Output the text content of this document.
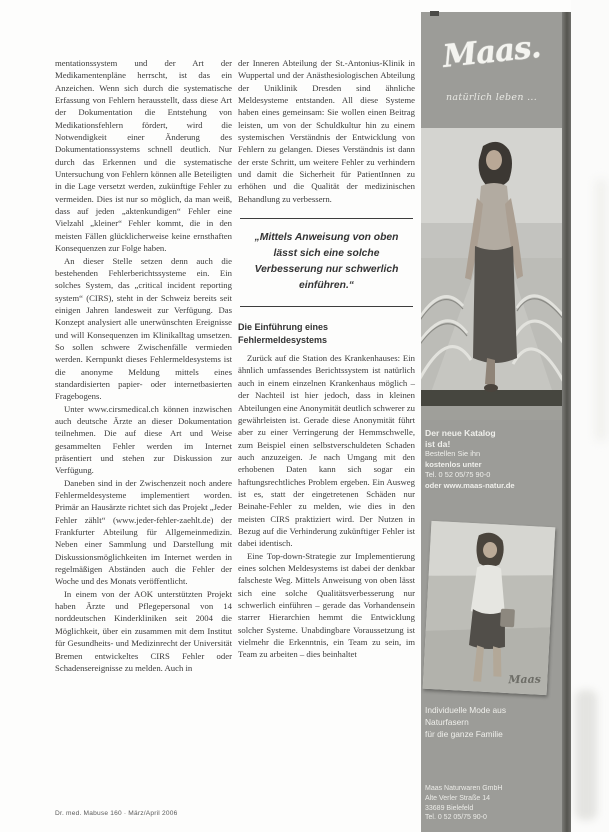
mentationssystem und der Art der Medikamentenpläne herrscht, ist das ein Anzeichen. Wenn sich durch die systematische Erfassung von Fehlern herausstellt, dass diese Art der Dokumentation die Entstehung von Medikationsfehlern fördert, wird die Notwendigkeit einer Änderung des Dokumentationssystems schnell deutlich. Nur durch das Erkennen und die systematische Untersuchung von Fehlern können alle Beteiligten in die Lage versetzt werden, zukünftige Fehler zu vermeiden. Dies ist nur so möglich, da man weiß, dass auf jeden „aktenkundigen“ Fehler eine Vielzahl „kleiner“ Fehler kommt, die in den meisten Fällen glücklicherweise keine ernsthaften Konsequenzen zur Folge haben.

An dieser Stelle setzen denn auch die bestehenden Fehlerberichtssysteme ein. Ein solches System, das „critical incident reporting system“ (CIRS), steht in der Schweiz bereits seit einigen Jahren landesweit zur Verfügung. Das Konzept analysiert alle unerwünschten Ereignisse und will Konsequenzen im Klinikalltag umsetzen. So sollen schwere Zwischenfälle vermieden werden. Kernpunkt dieses Fehlermeldesystems ist die anonyme Meldung mittels eines standardisierten papier- oder internetbasierten Fragebogens.

Unter www.cirsmedical.ch können inzwischen auch deutsche Ärzte an dieser Dokumentation teilnehmen. Die auf diese Art und Weise gesammelten Fehler werden im Internet präsentiert und stehen zur Diskussion zur Verfügung.

Daneben sind in der Zwischenzeit noch andere Fehlermeldesysteme implementiert worden. Primär an Hausärzte richtet sich das Projekt „Jeder Fehler zählt“ (www.jeder-fehler-zaehlt.de) der Frankfurter Abteilung für Allgemeinmedizin. Neben einer Sammlung und Darstellung mit Diskussionsmöglichkeiten im Internet werden in regelmäßigen Abständen auch die Fehler der Woche und des Monats veröffentlicht.

In einem von der AOK unterstützten Projekt haben Ärzte und Pflegepersonal von 14 norddeutschen Kinderkliniken seit 2004 die Möglichkeit, über ein zusammen mit dem Institut für Gesundheits- und Medizinrecht der Universität Bremen entwickeltes CIRS Fehler oder Schadensereignisse zu melden. Auch in

der Inneren Abteilung der St.-Antonius-Klinik in Wuppertal und der Anästhesiologischen Abteilung der Uniklinik Dresden sind ähnliche Meldesysteme entstanden. All diese Systeme haben eines gemeinsam: Sie wollen einen Beitrag leisten, um von der Schuldkultur hin zu einem systemischen Verständnis der Entwicklung von Fehlern zu gelangen. Dieses Verständnis ist dann der erste Schritt, um weitere Fehler zu verhindern und damit die Sicherheit für PatientInnen zu erhöhen und die Qualität der medizinischen Behandlung zu verbessern.

„Mittels Anweisung von oben lässt sich eine solche Verbesserung nur schwerlich einführen.“

Die Einführung eines
Fehlermeldesystems

Zurück auf die Station des Krankenhauses: Ein ähnlich umfassendes Berichtssystem ist natürlich auch in einem einzelnen Krankenhaus möglich – der Nachteil ist hier jedoch, dass in kleinen Abteilungen eine Anonymität deutlich schwerer zu gewährleisten ist. Gerade diese Anonymität führt aber zu einer Verringerung der Hemmschwelle, zum Beispiel einen selbstverschuldeten Schaden auch anzuzeigen. Je nach Umgang mit den erhobenen Daten kann sich sogar ein haftungsrechtliches Problem ergeben. Ein Ausweg ist es, statt der eingetretenen Schäden nur Beinahe-Fehler zu melden, wie dies in den meisten CIRS praktiziert wird. Der Nutzen in Bezug auf die Verhinderung zukünftiger Fehler ist dabei identisch.

Eine Top-down-Strategie zur Implementierung eines solchen Meldesystems ist dabei der denkbar falscheste Weg. Mittels Anweisung von oben lässt sich eine solche Qualitätsverbesserung nur schwerlich einführen – gerade das Vorhandensein starrer Hierarchien hemmt die Entwicklung solcher Systeme. Unabdingbare Voraussetzung ist vielmehr die Erkenntnis, ein Team zu sein, im Team zu arbeiten – dies beinhaltet

Dr. med. Mabuse 160 · März/April 2006
Maas.
natürlich leben ...
Der neue Katalog
ist da!
Bestellen Sie ihn
kostenlos unter
Tel. 0 52 05/75 90-0
oder www.maas-natur.de
Maas
Individuelle Mode aus
Naturfasern
für die ganze Familie
Maas Naturwaren GmbH
Alte Verler Straße 14
33689 Bielefeld
Tel. 0 52 05/75 90-0
